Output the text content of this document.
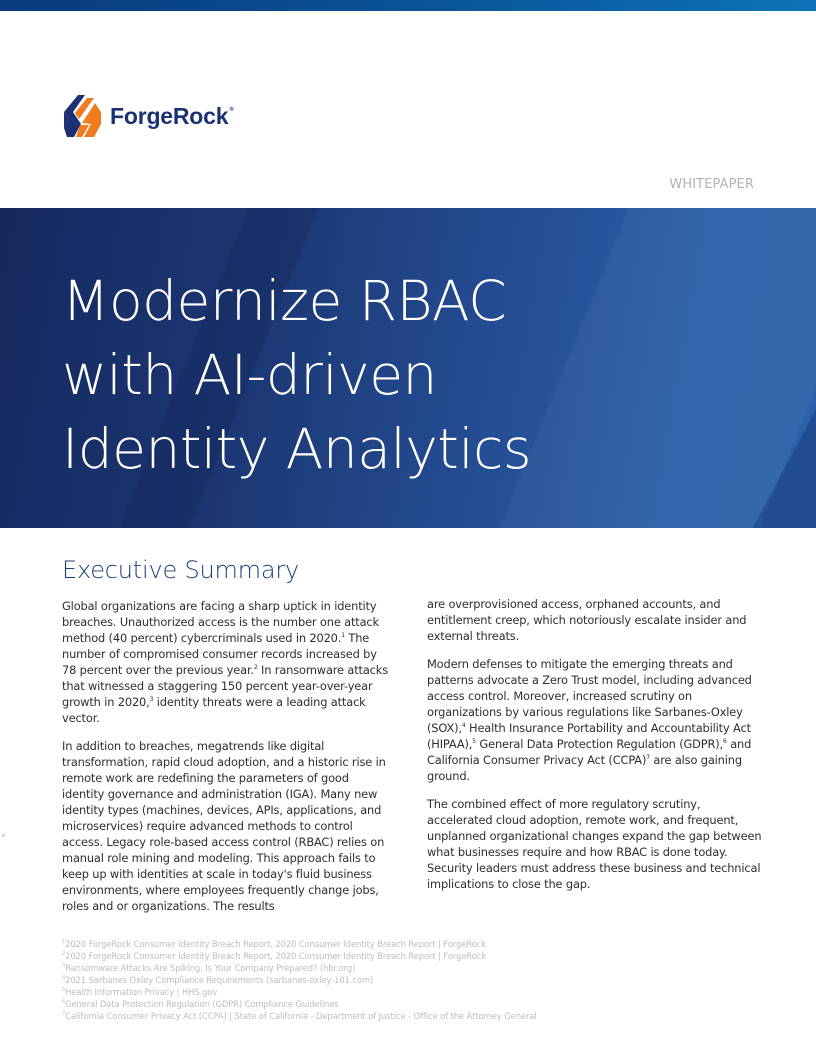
ForgeRock®
WHITEPAPER
Modernize RBAC
with AI-driven
Identity Analytics
Executive Summary

Global organizations are facing a sharp uptick in identity breaches. Unauthorized access is the number one attack method (40 percent) cybercriminals used in 2020.$^1$ The number of compromised consumer records increased by 78 percent over the previous year.$^2$ In ransomware attacks that witnessed a staggering 150 percent year-over-year growth in 2020,$^3$ identity threats were a leading attack vector.

In addition to breaches, megatrends like digital transformation, rapid cloud adoption, and a historic rise in remote work are redefining the parameters of good identity governance and administration (IGA). Many new identity types (machines, devices, APIs, applications, and microservices) require advanced methods to control access. Legacy role-based access control (RBAC) relies on manual role mining and modeling. This approach fails to keep up with identities at scale in today's fluid business environments, where employees frequently change jobs, roles and or organizations. The results

are overprovisioned access, orphaned accounts, and entitlement creep, which notoriously escalate insider and external threats.

Modern defenses to mitigate the emerging threats and patterns advocate a Zero Trust model, including advanced access control. Moreover, increased scrutiny on organizations by various regulations like Sarbanes-Oxley (SOX),$^4$ Health Insurance Portability and Accountability Act (HIPAA),$^5$ General Data Protection Regulation (GDPR),$^6$ and California Consumer Privacy Act (CCPA)$^7$ are also gaining ground.

The combined effect of more regulatory scrutiny, accelerated cloud adoption, remote work, and frequent, unplanned organizational changes expand the gap between what businesses require and how RBAC is done today. Security leaders must address these business and technical implications to close the gap.

$^1$2020 ForgeRock Consumer Identity Breach Report, 2020 Consumer Identity Breach Report | ForgeRock
$^2$2020 ForgeRock Consumer Identity Breach Report, 2020 Consumer Identity Breach Report | ForgeRock
$^3$Ransomware Attacks Are Spiking. Is Your Company Prepared? (hbr.org)
$^4$2021 Sarbanes Oxley Compliance Requirements (sarbanes-oxley-101.com)
$^5$Health Information Privacy | HHS.gov
$^6$General Data Protection Regulation (GDPR) Compliance Guidelines
$^7$California Consumer Privacy Act (CCPA) | State of California - Department of Justice - Office of the Attorney General
